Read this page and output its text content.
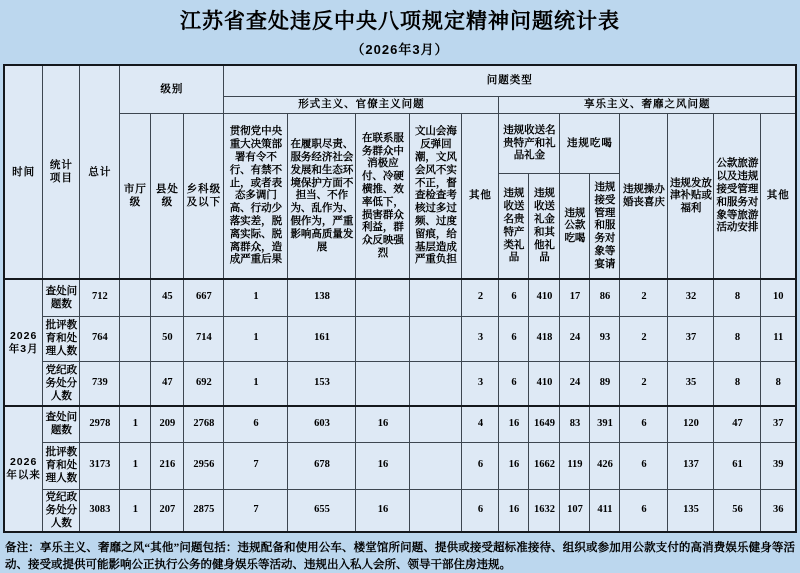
江苏省查处违反中央八项规定精神问题统计表
（2026年3月）
时间	统计项目	总计	级别			问题类型												
						形式主义、官僚主义问题					享乐主义、奢靡之风问题							
			市厅级	县处级	乡科级及以下	贯彻党中央重大决策部署有令不行、有禁不止，或者表态多调门高、行动少落实差，脱离实际、脱离群众，造成严重后果	在履职尽责、服务经济社会发展和生态环境保护方面不担当、不作为、乱作为、假作为，严重影响高质量发展	在联系服务群众中消极应付、冷硬横推、效率低下，损害群众利益，群众反映强烈	文山会海反弹回潮，文风会风不实不正，督查检查考核过多过频、过度留痕，给基层造成严重负担	其他	违规收送名贵特产和礼品礼金		违规吃喝		违规操办婚丧喜庆	违规发放津补贴或福利	公款旅游以及违规接受管理和服务对象等旅游活动安排	其他
											违规收送名贵特产类礼品	违规收送礼金和其他礼品	违规公款吃喝	违规接受管理和服务对象等宴请				
2026年3月	查处问题数	712		45	667	1	138			2	6	410	17	86	2	32	8	10
	批评教育和处理人数	764		50	714	1	161			3	6	418	24	93	2	37	8	11
	党纪政务处分人数	739		47	692	1	153			3	6	410	24	89	2	35	8	8
2026年以来	查处问题数	2978	1	209	2768	6	603	16		4	16	1649	83	391	6	120	47	37
	批评教育和处理人数	3173	1	216	2956	7	678	16		6	16	1662	119	426	6	137	61	39
	党纪政务处分人数	3083	1	207	2875	7	655	16		6	16	1632	107	411	6	135	56	36
备注：享乐主义、奢靡之风“其他”问题包括：违规配备和使用公车、楼堂馆所问题、提供或接受超标准接待、组织或参加用公款支付的高消费娱乐健身等活动、接受或提供可能影响公正执行公务的健身娱乐等活动、违规出入私人会所、领导干部住房违规。
